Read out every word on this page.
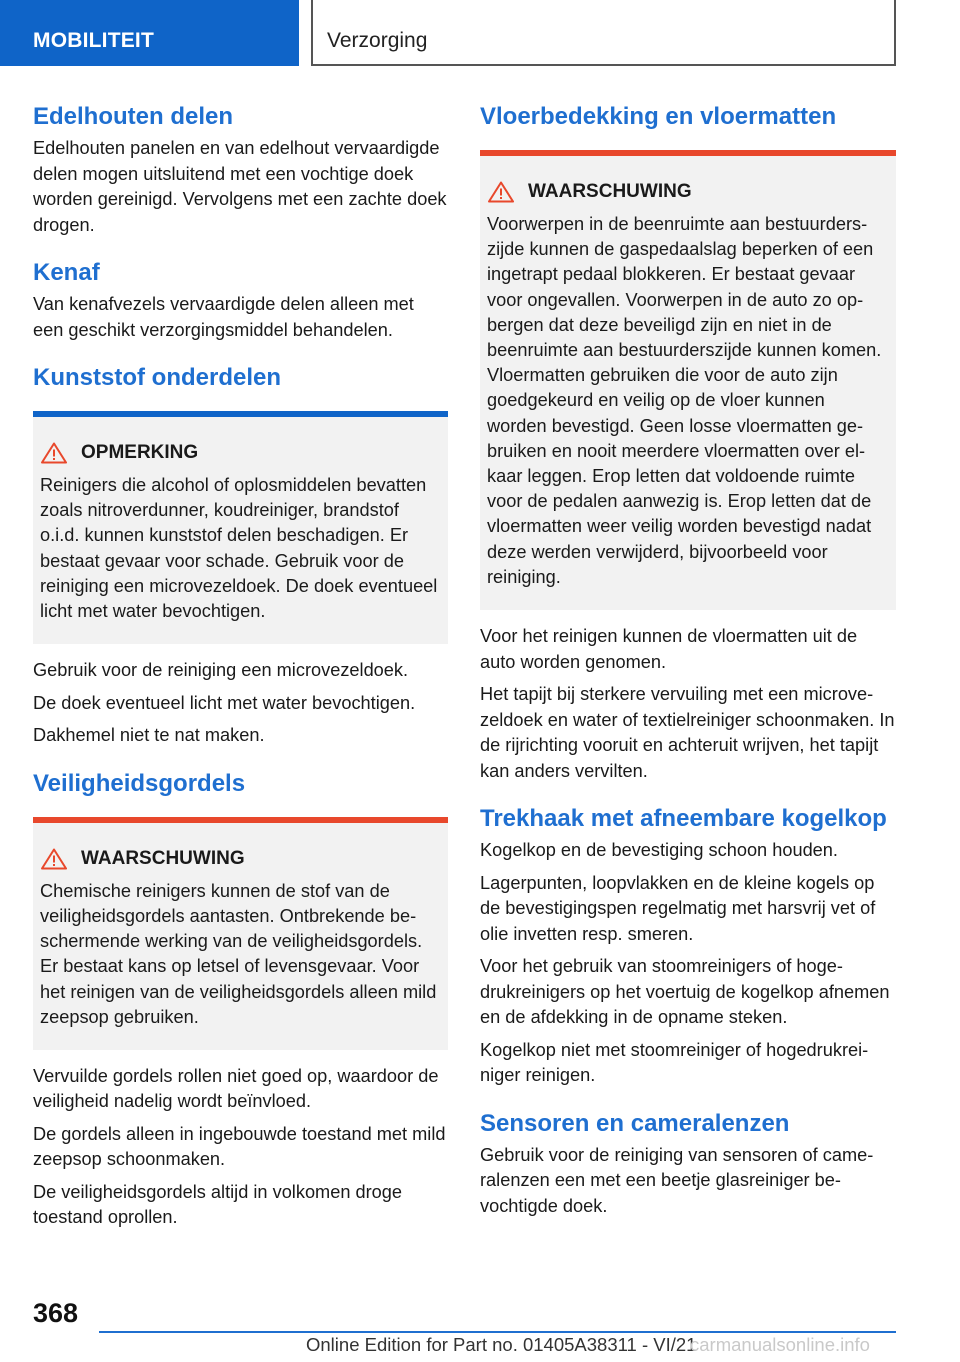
MOBILITEIT	Verzorging
Edelhouten delen

Edelhouten panelen en van edelhout vervaardigde delen mogen uitsluitend met een vochtige doek worden gereinigd. Vervolgens met een zachte doek drogen.

Kenaf

Van kenafvezels vervaardigde delen alleen met een geschikt verzorgingsmiddel behandelen.

Kunststof onderdelen
OPMERKING
Reinigers die alcohol of oplosmiddelen bevatten zoals nitroverdunner, koudreiniger, brandstof o.i.d. kunnen kunststof delen beschadigen. Er bestaat gevaar voor schade. Gebruik voor de reiniging een microvezeldoek. De doek eventueel licht met water bevochtigen.

Gebruik voor de reiniging een microvezeldoek.

De doek eventueel licht met water bevochtigen.

Dakhemel niet te nat maken.

Veiligheidsgordels
WAARSCHUWING
Chemische reinigers kunnen de stof van de veiligheidsgordels aantasten. Ontbrekende beschermende werking van de veiligheidsgordels. Er bestaat kans op letsel of levensgevaar. Voor het reinigen van de veiligheidsgordels alleen mild zeepsop gebruiken.

Vervuilde gordels rollen niet goed op, waardoor de veiligheid nadelig wordt beïnvloed.

De gordels alleen in ingebouwde toestand met mild zeepsop schoonmaken.

De veiligheidsgordels altijd in volkomen droge toestand oprollen.

Vloerbedekking en vloermatten
WAARSCHUWING
Voorwerpen in de beenruimte aan bestuurderszijde kunnen de gaspedaalslag beperken of een ingetrapt pedaal blokkeren. Er bestaat gevaar voor ongevallen. Voorwerpen in de auto zo opbergen dat deze beveiligd zijn en niet in de beenruimte aan bestuurderszijde kunnen komen. Vloermatten gebruiken die voor de auto zijn goedgekeurd en veilig op de vloer kunnen worden bevestigd. Geen losse vloermatten gebruiken en nooit meerdere vloermatten over elkaar leggen. Erop letten dat voldoende ruimte voor de pedalen aanwezig is. Erop letten dat de vloermatten weer veilig worden bevestigd nadat deze werden verwijderd, bijvoorbeeld voor reiniging.

Voor het reinigen kunnen de vloermatten uit de auto worden genomen.

Het tapijt bij sterkere vervuiling met een microvezeldoek en water of textielreiniger schoonmaken. In de rijrichting vooruit en achteruit wrijven, het tapijt kan anders vervilten.

Trekhaak met afneembare kogelkop

Kogelkop en de bevestiging schoon houden.

Lagerpunten, loopvlakken en de kleine kogels op de bevestigingspen regelmatig met harsvrij vet of olie invetten resp. smeren.

Voor het gebruik van stoomreinigers of hogedrukreinigers op het voertuig de kogelkop afnemen en de afdekking in de opname steken.

Kogelkop niet met stoomreiniger of hogedrukreiniger reinigen.

Sensoren en cameralenzen

Gebruik voor de reiniging van sensoren of cameralenzen een met een beetje glasreiniger bevochtigde doek.

368
Online Edition for Part no. 01405A38311 - VI/21
carmanualsonline.info
